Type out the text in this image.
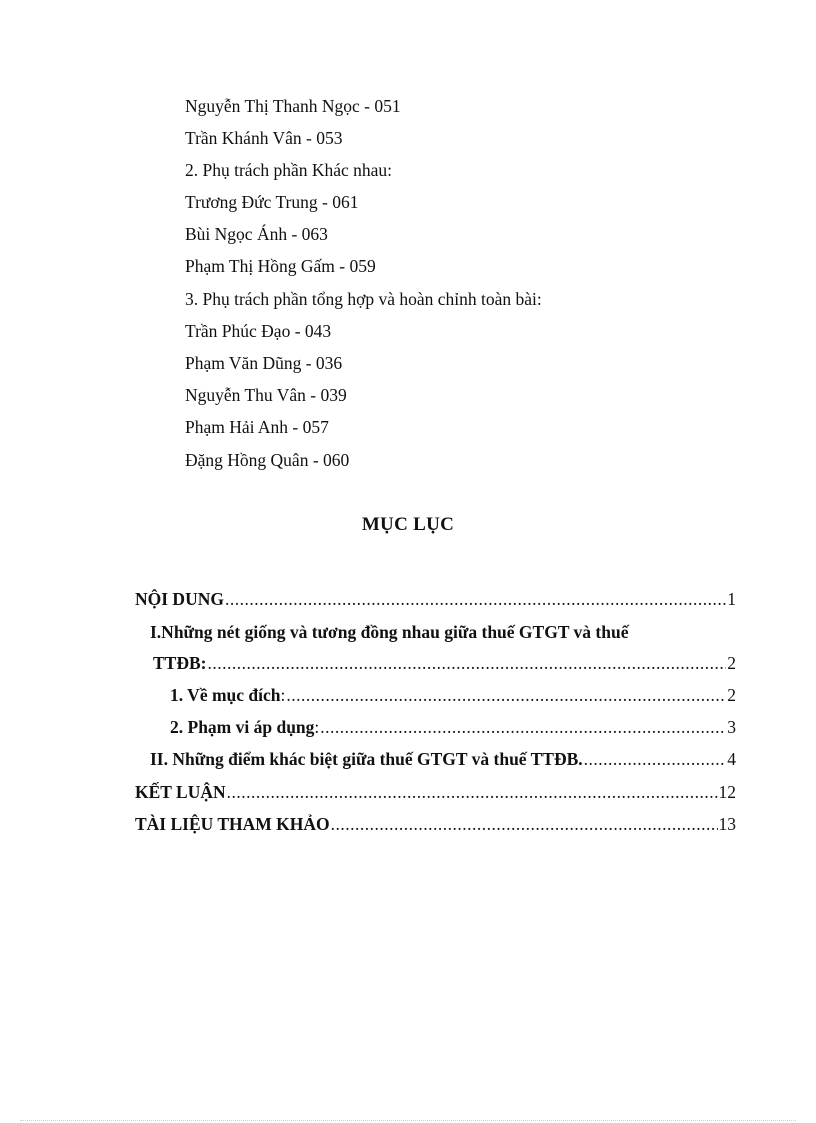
Nguyễn Thị Thanh Ngọc - 051
Trần Khánh Vân - 053
2. Phụ trách phần Khác nhau:
Trương Đức Trung - 061
Bùi Ngọc Ánh - 063
Phạm Thị Hồng Gấm - 059
3. Phụ trách phần tổng hợp và hoàn chỉnh toàn bài:
Trần Phúc Đạo - 043
Phạm Văn Dũng - 036
Nguyễn Thu Vân - 039
Phạm Hải Anh - 057
Đặng Hồng Quân - 060
MỤC LỤC
NỘI DUNG .....	1
I.Những nét giống và tương đồng nhau giữa thuế GTGT và thuế
TTĐB: .....	2
1. Về mục đích: .....	2
2. Phạm vi áp dụng: .....	3
II. Những điểm khác biệt giữa thuế GTGT và thuế TTĐB. .....	4
KẾT LUẬN .....	12
TÀI LIỆU THAM KHẢO .....	13
